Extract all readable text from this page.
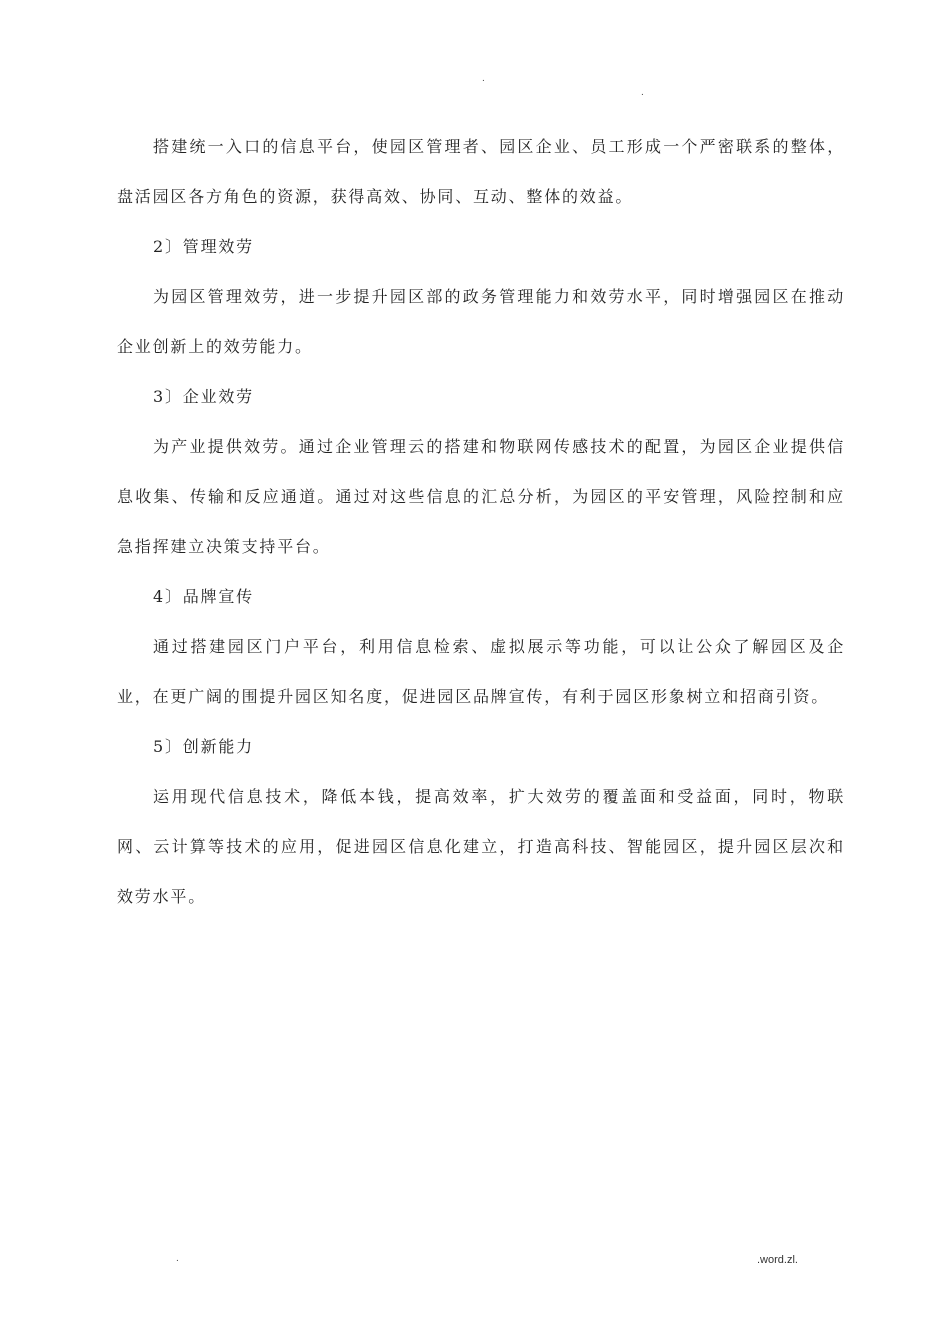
.
.

搭建统一入口的信息平台，使园区管理者、园区企业、员工形成一个严密联系的整体，盘活园区各方角色的资源，获得高效、协同、互动、整体的效益。

2〕管理效劳

为园区管理效劳，进一步提升园区部的政务管理能力和效劳水平，同时增强园区在推动企业创新上的效劳能力。

3〕企业效劳

为产业提供效劳。通过企业管理云的搭建和物联网传感技术的配置，为园区企业提供信息收集、传输和反应通道。通过对这些信息的汇总分析，为园区的平安管理，风险控制和应急指挥建立决策支持平台。

4〕品牌宣传

通过搭建园区门户平台，利用信息检索、虚拟展示等功能，可以让公众了解园区及企业，在更广阔的围提升园区知名度，促进园区品牌宣传，有利于园区形象树立和招商引资。

5〕创新能力

运用现代信息技术，降低本钱，提高效率，扩大效劳的覆盖面和受益面，同时，物联网、云计算等技术的应用，促进园区信息化建立，打造高科技、智能园区，提升园区层次和效劳水平。

.	.word.zl.
